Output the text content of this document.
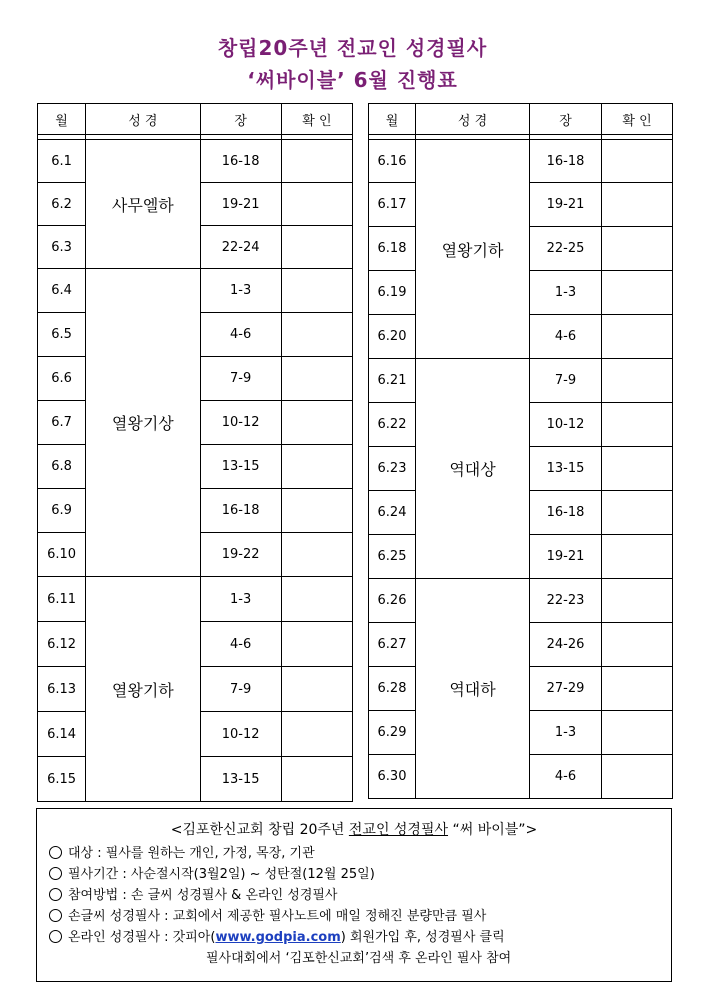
창립20주년 전교인 성경필사
‘써바이블’ 6월 진행표
월	성 경	장	확 인

6.1	사무엘하	16-18	
6.2		19-21	
6.3		22-24	
6.4	열왕기상	1-3	
6.5		4-6	
6.6		7-9	
6.7		10-12	
6.8		13-15	
6.9		16-18	
6.10		19-22	
6.11	열왕기하	1-3	
6.12		4-6	
6.13		7-9	
6.14		10-12	
6.15		13-15	
월	성 경	장	확 인

6.16	열왕기하	16-18	
6.17		19-21	
6.18		22-25	
6.19		1-3	
6.20		4-6	
6.21	역대상	7-9	
6.22		10-12	
6.23		13-15	
6.24		16-18	
6.25		19-21	
6.26	역대하	22-23	
6.27		24-26	
6.28		27-29	
6.29		1-3	
6.30		4-6	
<김포한신교회 창립 20주년 전교인 성경필사 “써 바이블”>
대상 : 필사를 원하는 개인, 가정, 목장, 기관
필사기간 : 사순절시작(3월2일) ~ 성탄절(12월 25일)
참여방법 : 손 글씨 성경필사 & 온라인 성경필사
손글씨 성경필사 : 교회에서 제공한 필사노트에 매일 정해진 분량만큼 필사
온라인 성경필사 : 갓피아(www.godpia.com) 회원가입 후, 성경필사 클릭
필사대회에서 ‘김포한신교회’검색 후 온라인 필사 참여
